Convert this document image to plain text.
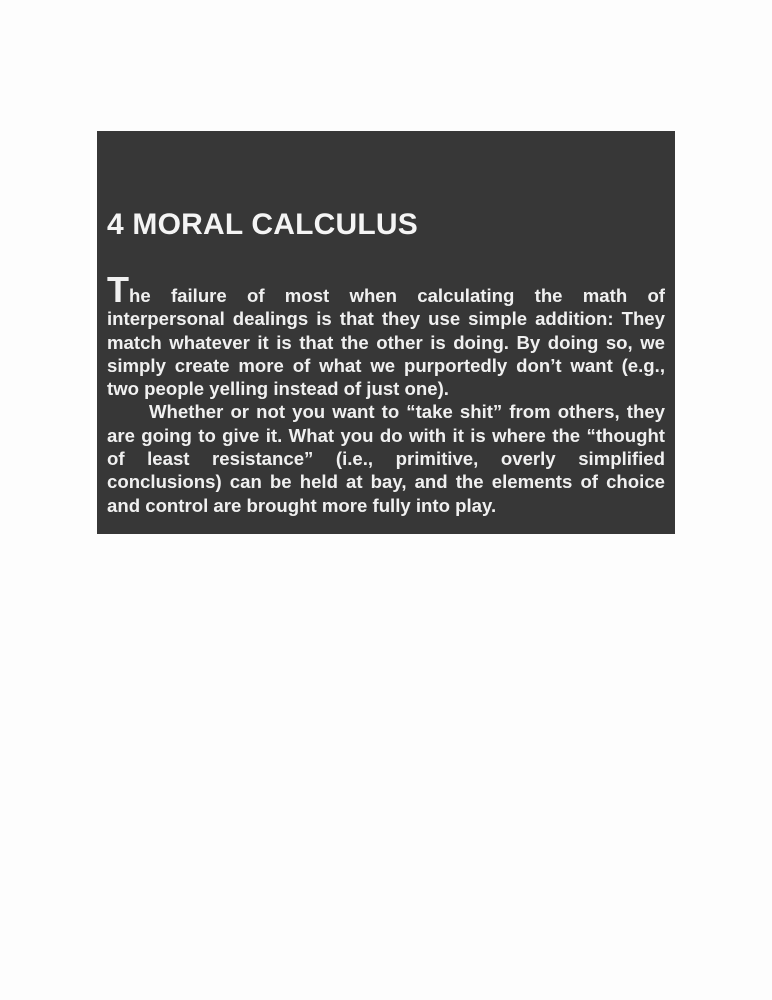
4 MORAL CALCULUS

The failure of most when calculating the math of interpersonal dealings is that they use simple addition: They match whatever it is that the other is doing. By doing so, we simply create more of what we purportedly don’t want (e.g., two people yelling instead of just one).

Whether or not you want to “take shit” from others, they are going to give it. What you do with it is where the “thought of least resistance” (i.e., primitive, overly simplified conclusions) can be held at bay, and the elements of choice and control are brought more fully into play.
